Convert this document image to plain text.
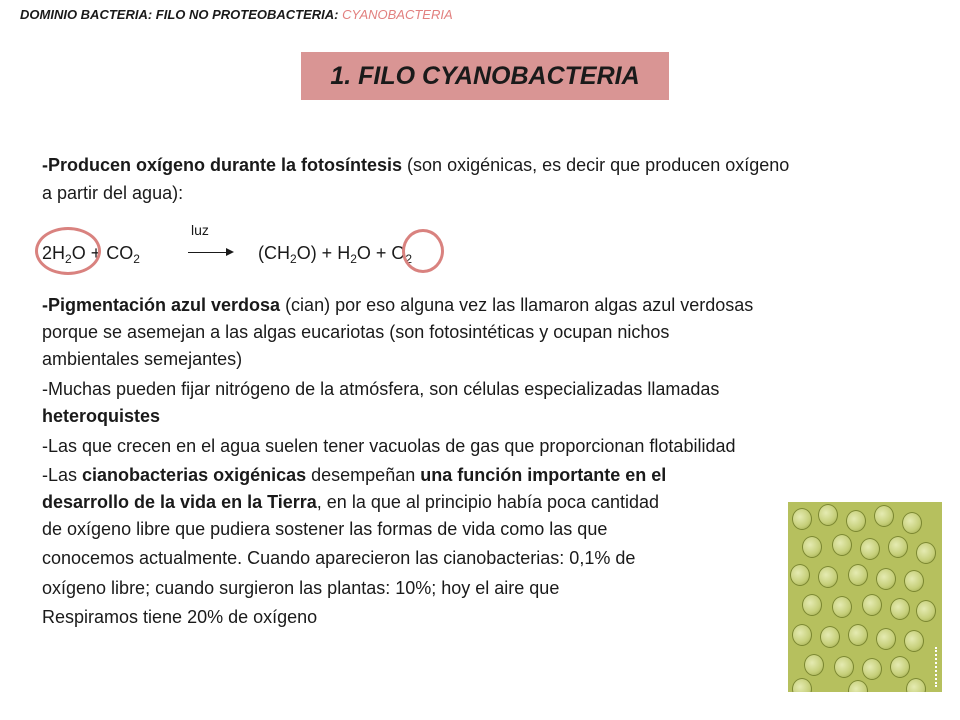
DOMINIO BACTERIA: FILO NO PROTEOBACTERIA: CYANOBACTERIA
1. FILO CYANOBACTERIA
-Producen oxígeno durante la fotosíntesis (son oxigénicas, es decir que producen oxígeno
a partir del agua):
luz
$2H_2O + CO_2$	$(CH_2O) + H_2O + O_2$
-Pigmentación azul verdosa (cian) por eso alguna vez las llamaron algas azul verdosas
porque se asemejan a las algas eucariotas (son fotosintéticas y ocupan nichos
ambientales semejantes)
-Muchas pueden fijar nitrógeno de la atmósfera, son células especializadas llamadas
heteroquistes
-Las que crecen en el agua suelen tener vacuolas de gas que proporcionan flotabilidad
-Las cianobacterias oxigénicas desempeñan una función importante en el
desarrollo de la vida en la Tierra, en la que al principio había poca cantidad
de oxígeno libre que pudiera sostener las formas de vida como las que
conocemos actualmente. Cuando aparecieron las cianobacterias: 0,1% de
oxígeno libre; cuando surgieron las plantas: 10%; hoy el aire que
Respiramos tiene 20% de oxígeno
